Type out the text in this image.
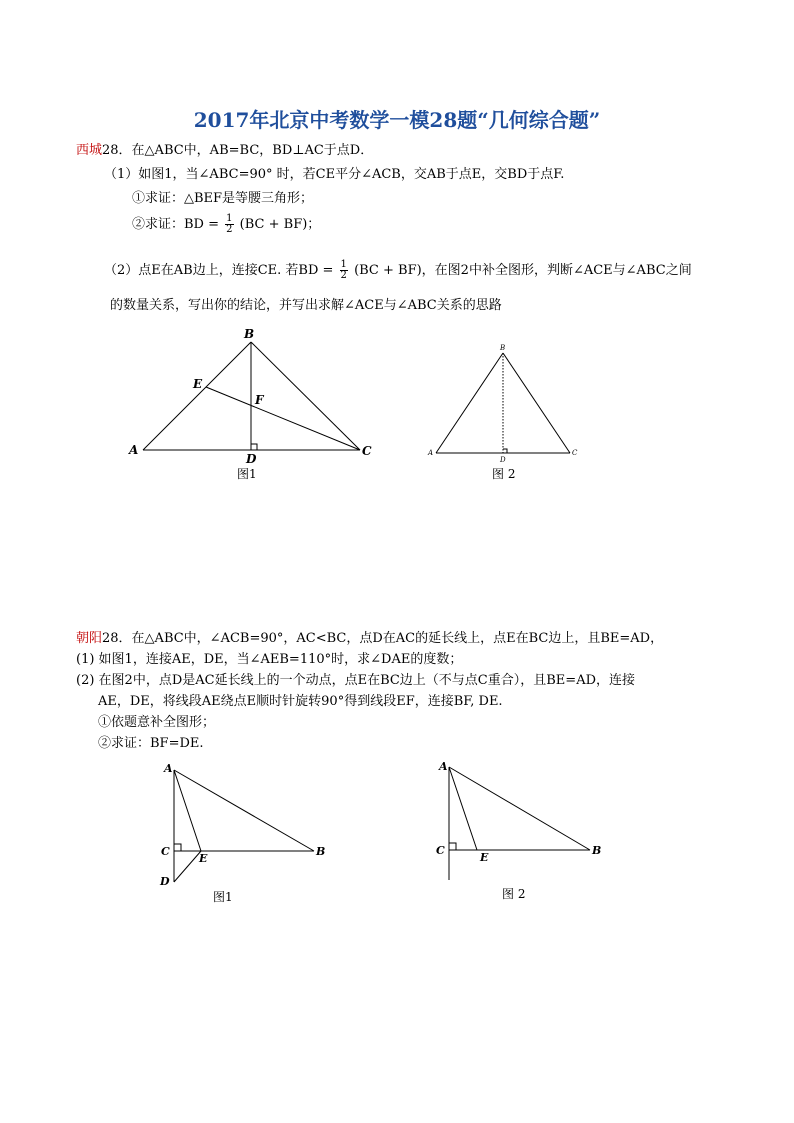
2017年北京中考数学一模28题“几何综合题”
西城28．在△ABC中，AB=BC，BD⊥AC于点D．
（1）如图1，当∠ABC=90° 时，若CE平分∠ACB，交AB于点E，交BD于点F.
①求证：△BEF是等腰三角形；
②求证：BD = $\frac{1}{2} (BC + BF)$；
（2）点E在AB边上，连接CE. 若BD = $\frac{1}{2} (BC + BF)$，在图2中补全图形，判断∠ACE与∠ABC之间
的数量关系，写出你的结论，并写出求解∠ACE与∠ABC关系的思路
B
A	C
D
E
F
图1
B
A	C
D
图 2
朝阳28．在△ABC中，∠ACB=90°，AC<BC，点D在AC的延长线上，点E在BC边上，且BE=AD，
(1) 如图1，连接AE，DE，当∠AEB=110°时，求∠DAE的度数；
(2) 在图2中，点D是AC延长线上的一个动点，点E在BC边上（不与点C重合），且BE=AD，连接
AE，DE，将线段AE绕点E顺时针旋转90°得到线段EF，连接BF, DE.
①依题意补全图形；
②求证：BF=DE.
A
C
E
B
D
图1
A
C
E
B
图 2
